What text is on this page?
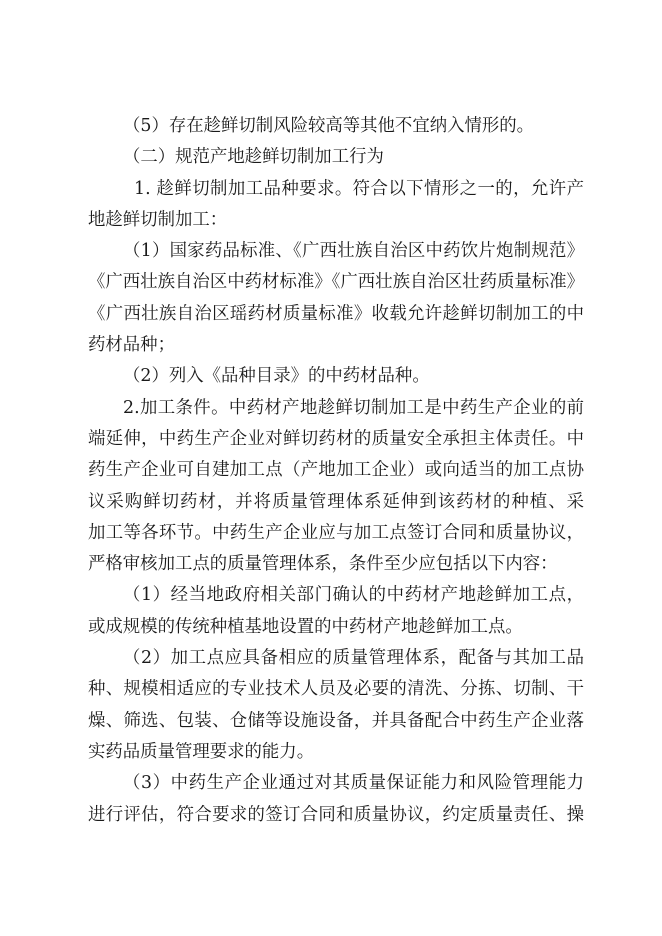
（5）存在趁鲜切制风险较高等其他不宜纳入情形的。
（二）规范产地趁鲜切制加工行为
1. 趁鲜切制加工品种要求。符合以下情形之一的，允许产
地趁鲜切制加工：
（1）国家药品标准、《广西壮族自治区中药饮片炮制规范》
《广西壮族自治区中药材标准》《广西壮族自治区壮药质量标准》
《广西壮族自治区瑶药材质量标准》收载允许趁鲜切制加工的中
药材品种；
（2）列入《品种目录》的中药材品种。
2.加工条件。中药材产地趁鲜切制加工是中药生产企业的前
端延伸，中药生产企业对鲜切药材的质量安全承担主体责任。中
药生产企业可自建加工点（产地加工企业）或向适当的加工点协
议采购鲜切药材，并将质量管理体系延伸到该药材的种植、采
加工等各环节。中药生产企业应与加工点签订合同和质量协议，
严格审核加工点的质量管理体系，条件至少应包括以下内容：
（1）经当地政府相关部门确认的中药材产地趁鲜加工点，
或成规模的传统种植基地设置的中药材产地趁鲜加工点。
（2）加工点应具备相应的质量管理体系，配备与其加工品
种、规模相适应的专业技术人员及必要的清洗、分拣、切制、干
燥、筛选、包装、仓储等设施设备，并具备配合中药生产企业落
实药品质量管理要求的能力。
（3）中药生产企业通过对其质量保证能力和风险管理能力
进行评估，符合要求的签订合同和质量协议，约定质量责任、操
